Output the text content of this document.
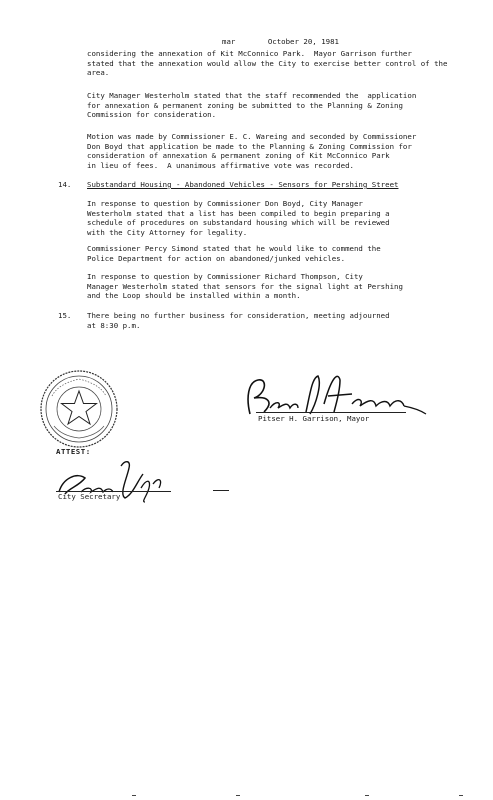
mar	October 20, 1981

considering the annexation of Kit McConnico Park.  Mayor Garrison further

stated that the annexation would allow the City to exercise better control of the

area.

City Manager Westerholm stated that the staff recommended the  application

for annexation & permanent zoning be submitted to the Planning & Zoning

Commission for consideration.

Motion was made by Commissioner E. C. Wareing and seconded by Commissioner

Don Boyd that application be made to the Planning & Zoning Commission for

consideration of annexation & permanent zoning of Kit McConnico Park

in lieu of fees.  A unanimous affirmative vote was recorded.

14. Substandard Housing - Abandoned Vehicles - Sensors for Pershing Street

In response to question by Commissioner Don Boyd, City Manager

Westerholm stated that a list has been compiled to begin preparing a

schedule of procedures on substandard housing which will be reviewed

with the City Attorney for legality.

Commissioner Percy Simond stated that he would like to commend the

Police Department for action on abandoned/junked vehicles.

In response to question by Commissioner Richard Thompson, City

Manager Westerholm stated that sensors for the signal light at Pershing

and the Loop should be installed within a month.

15. There being no further business for consideration, meeting adjourned

at 8:30 p.m.

Pitser H. Garrison, Mayor
ATTEST:
City Secretary
